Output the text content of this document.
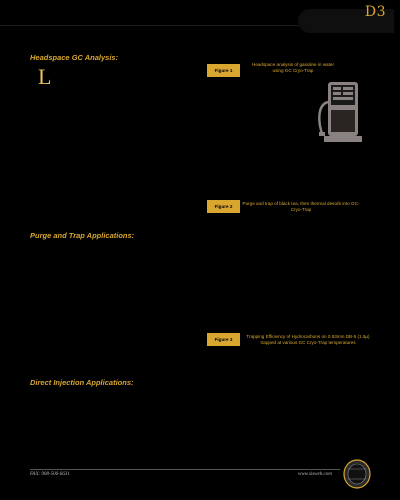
D3
Headspace GC Analysis:
L	Figure 1
Headspace analysis of gasoline in water using GC Cryo-Trap
Figure 2
Purge and trap of black tea, then thermal desorb into GC-Cryo-Trap
Purge and Trap Applications:
Figure 3
Trapping Efficiency of Hydrocarbons on 0.53mm DB-5 (1.5µ) trapped at various GC Cryo-Trap temperatures
Direct Injection Applications:
FAX: 908-506-6631	www.sisweb.com
